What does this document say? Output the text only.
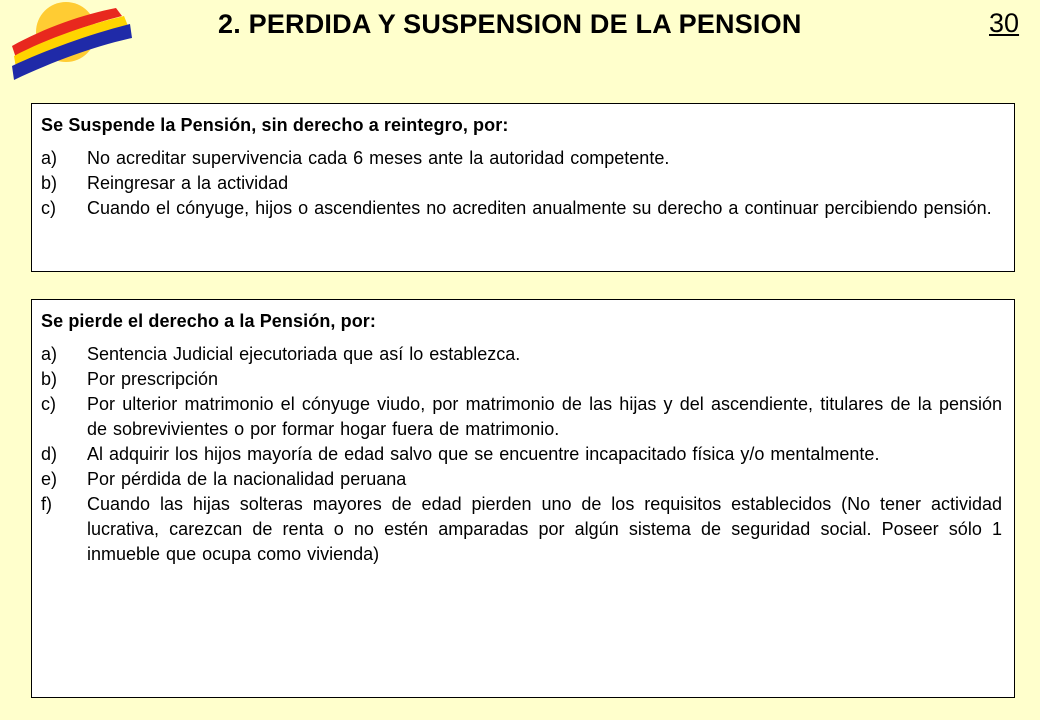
2. PERDIDA Y SUSPENSION DE LA PENSION	30
Se Suspende la Pensión, sin derecho a reintegro, por:
a)	No acreditar supervivencia cada 6 meses ante la autoridad competente.
b)	Reingresar a la actividad
c)	Cuando el cónyuge, hijos o ascendientes no acrediten anualmente su derecho a continuar percibiendo pensión.
Se pierde el derecho a la Pensión, por:
a)	Sentencia Judicial ejecutoriada que así lo establezca.
b)	Por prescripción
c)	Por ulterior matrimonio el cónyuge viudo, por matrimonio de las hijas y del ascendiente, titulares de la pensión de sobrevivientes o por formar hogar fuera de matrimonio.
d)	Al adquirir los hijos mayoría de edad salvo que se encuentre incapacitado física y/o mentalmente.
e)	Por pérdida de la nacionalidad peruana
f)	Cuando las hijas solteras mayores de edad pierden uno de los requisitos establecidos (No tener actividad lucrativa, carezcan de renta o no estén amparadas por algún sistema de seguridad social. Poseer sólo 1 inmueble que ocupa como vivienda)
